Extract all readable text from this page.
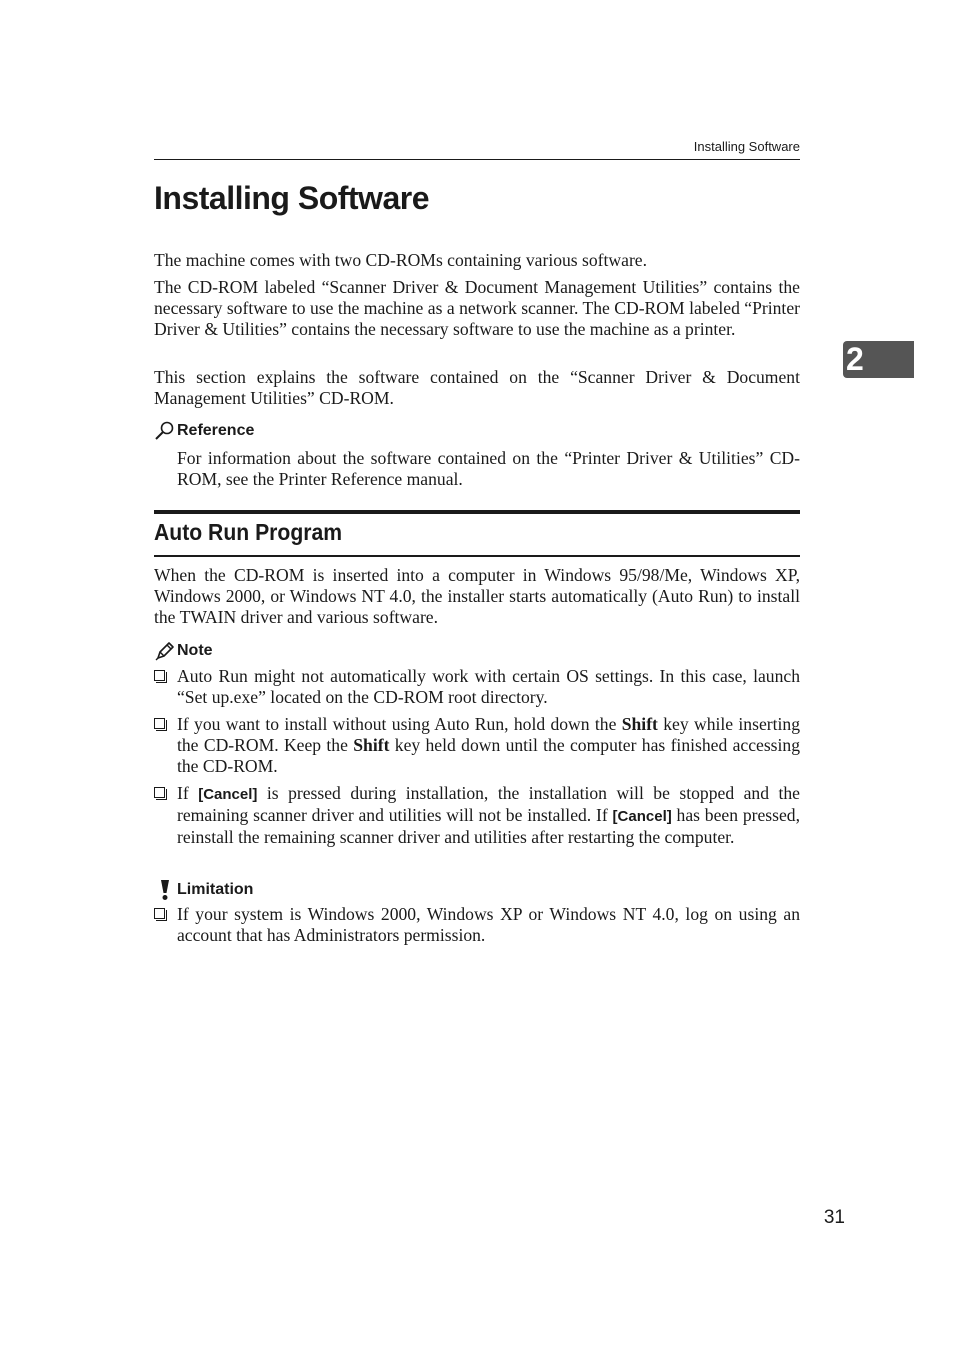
Installing Software
Installing Software

The machine comes with two CD-ROMs containing various software.

The CD-ROM labeled “Scanner Driver & Document Management Utilities” contains the necessary software to use the machine as a network scanner. The CD-ROM labeled “Printer Driver & Utilities” contains the necessary software to use the machine as a printer.

This section explains the software contained on the “Scanner Driver & Document Management Utilities” CD-ROM.

Reference

For information about the software contained on the “Printer Driver & Utilities” CD-ROM, see the Printer Reference manual.

Auto Run Program

When the CD-ROM is inserted into a computer in Windows 95/98/Me, Windows XP, Windows 2000, or Windows NT 4.0, the installer starts automatically (Auto Run) to install the TWAIN driver and various software.

Note

Auto Run might not automatically work with certain OS settings. In this case, launch “Set up.exe” located on the CD-ROM root directory.

If you want to install without using Auto Run, hold down the Shift key while inserting the CD-ROM. Keep the Shift key held down until the computer has finished accessing the CD-ROM.

If [Cancel] is pressed during installation, the installation will be stopped and the remaining scanner driver and utilities will not be installed. If [Cancel] has been pressed, reinstall the remaining scanner driver and utilities after restarting the computer.

Limitation

If your system is Windows 2000, Windows XP or Windows NT 4.0, log on using an account that has Administrators permission.

2
31
